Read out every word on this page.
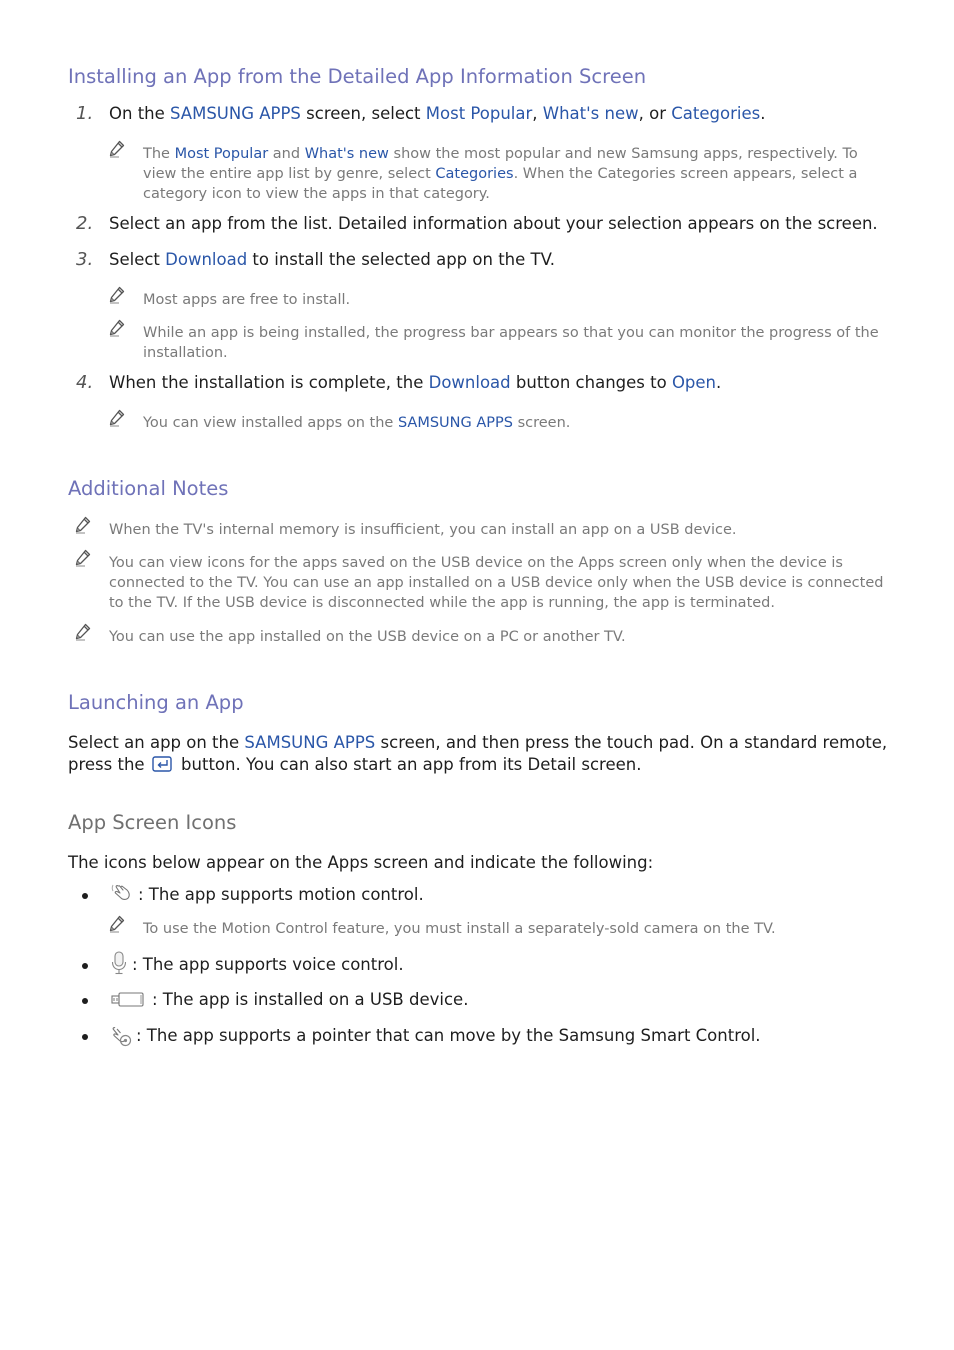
Installing an App from the Detailed App Information Screen
1. On the SAMSUNG APPS screen, select Most Popular, What's new, or Categories.
The Most Popular and What's new show the most popular and new Samsung apps, respectively. To
view the entire app list by genre, select Categories. When the Categories screen appears, select a
category icon to view the apps in that category.
2. Select an app from the list. Detailed information about your selection appears on the screen.
3. Select Download to install the selected app on the TV.
Most apps are free to install.
While an app is being installed, the progress bar appears so that you can monitor the progress of the
installation.
4. When the installation is complete, the Download button changes to Open.
You can view installed apps on the SAMSUNG APPS screen.
Additional Notes
When the TV's internal memory is insufficient, you can install an app on a USB device.
You can view icons for the apps saved on the USB device on the Apps screen only when the device is
connected to the TV. You can use an app installed on a USB device only when the USB device is connected
to the TV. If the USB device is disconnected while the app is running, the app is terminated.
You can use the app installed on the USB device on a PC or another TV.
Launching an App
Select an app on the SAMSUNG APPS screen, and then press the touch pad. On a standard remote,
press the
button. You can also start an app from its Detail screen.
App Screen Icons
The icons below appear on the Apps screen and indicate the following:
: The app supports motion control.
To use the Motion Control feature, you must install a separately-sold camera on the TV.
: The app supports voice control.
: The app is installed on a USB device.
: The app supports a pointer that can move by the Samsung Smart Control.
